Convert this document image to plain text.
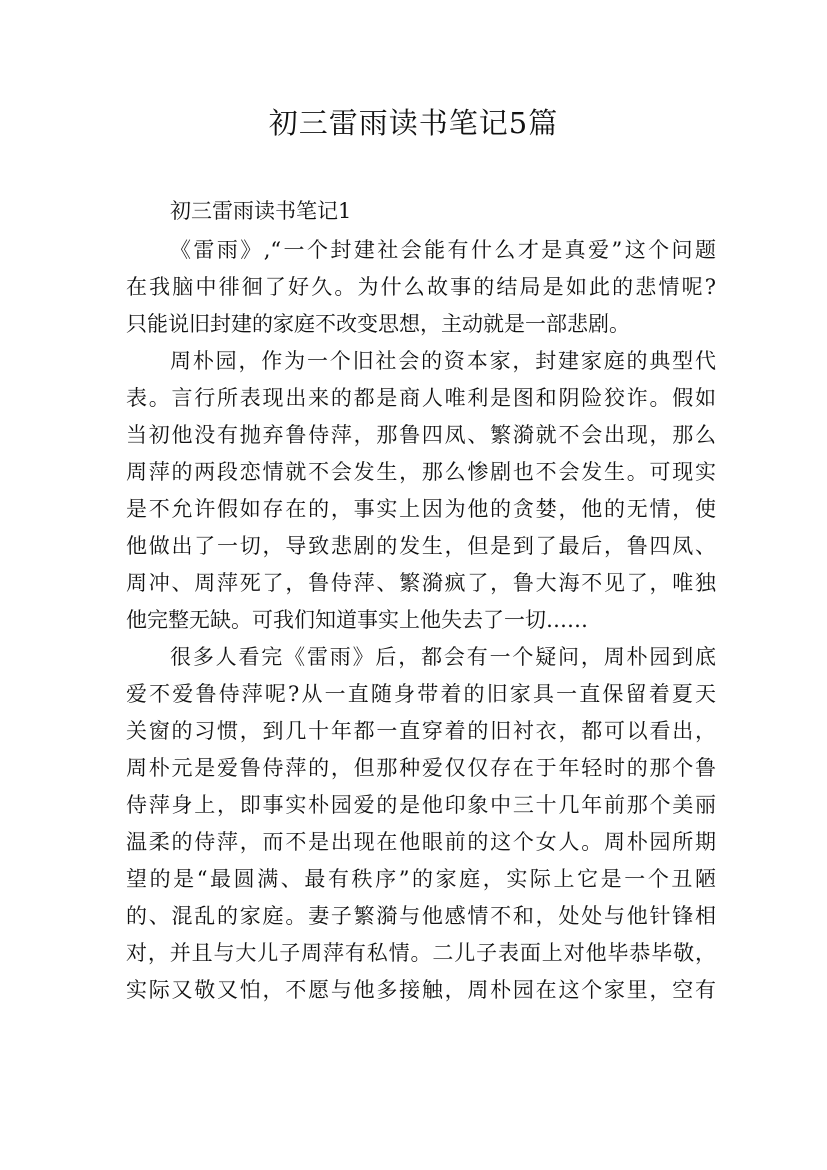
初三雷雨读书笔记5篇
初三雷雨读书笔记1

《雷雨》,“一个封建社会能有什么才是真爱”这个问题
在我脑中徘徊了好久。为什么故事的结局是如此的悲情呢?
只能说旧封建的家庭不改变思想，主动就是一部悲剧。

周朴园，作为一个旧社会的资本家，封建家庭的典型代
表。言行所表现出来的都是商人唯利是图和阴险狡诈。假如
当初他没有抛弃鲁侍萍，那鲁四凤、繁漪就不会出现，那么
周萍的两段恋情就不会发生，那么惨剧也不会发生。可现实
是不允许假如存在的，事实上因为他的贪婪，他的无情，使
他做出了一切，导致悲剧的发生，但是到了最后，鲁四凤、
周冲、周萍死了，鲁侍萍、繁漪疯了，鲁大海不见了，唯独
他完整无缺。可我们知道事实上他失去了一切……

很多人看完《雷雨》后，都会有一个疑问，周朴园到底
爱不爱鲁侍萍呢?从一直随身带着的旧家具一直保留着夏天
关窗的习惯，到几十年都一直穿着的旧衬衣，都可以看出，
周朴元是爱鲁侍萍的，但那种爱仅仅存在于年轻时的那个鲁
侍萍身上，即事实朴园爱的是他印象中三十几年前那个美丽
温柔的侍萍，而不是出现在他眼前的这个女人。周朴园所期
望的是“最圆满、最有秩序”的家庭，实际上它是一个丑陋
的、混乱的家庭。妻子繁漪与他感情不和，处处与他针锋相
对，并且与大儿子周萍有私情。二儿子表面上对他毕恭毕敬，
实际又敬又怕，不愿与他多接触，周朴园在这个家里，空有
